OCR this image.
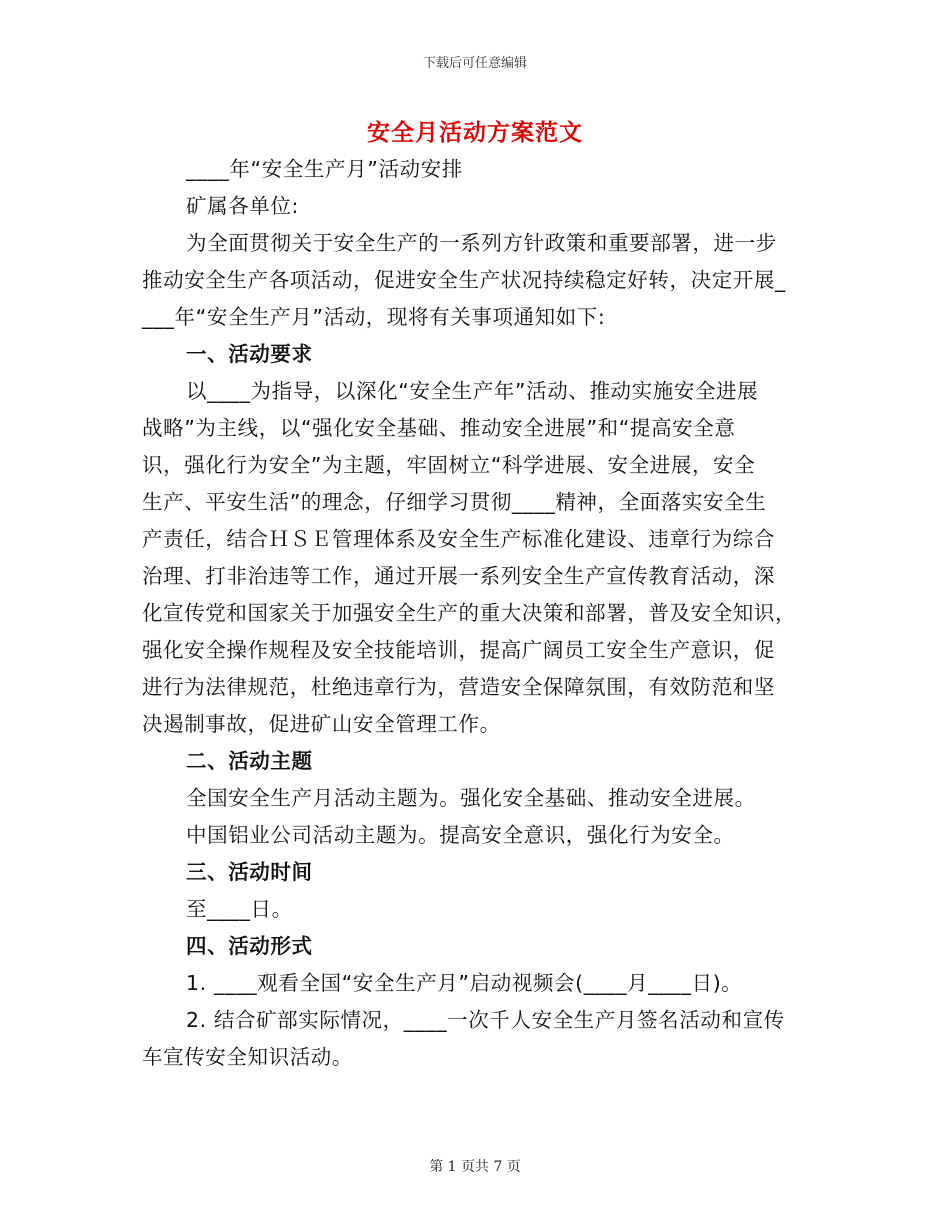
下载后可任意编辑
安全月活动方案范文
____年“安全生产月”活动安排
矿属各单位:
为全面贯彻关于安全生产的一系列方针政策和重要部署，进一步
推动安全生产各项活动，促进安全生产状况持续稳定好转，决定开展_
___年“安全生产月”活动，现将有关事项通知如下:
一、活动要求
以____为指导，以深化“安全生产年”活动、推动实施安全进展
战略”为主线，以“强化安全基础、推动安全进展”和“提高安全意
识，强化行为安全”为主题，牢固树立“科学进展、安全进展，安全
生产、平安生活”的理念，仔细学习贯彻____精神，全面落实安全生
产责任，结合ＨＳＥ管理体系及安全生产标准化建设、违章行为综合
治理、打非治违等工作，通过开展一系列安全生产宣传教育活动，深
化宣传党和国家关于加强安全生产的重大决策和部署，普及安全知识，
强化安全操作规程及安全技能培训，提高广阔员工安全生产意识，促
进行为法律规范，杜绝违章行为，营造安全保障氛围，有效防范和坚
决遏制事故，促进矿山安全管理工作。
二、活动主题
全国安全生产月活动主题为。强化安全基础、推动安全进展。
中国铝业公司活动主题为。提高安全意识，强化行为安全。
三、活动时间
至____日。
四、活动形式
1. ____观看全国“安全生产月”启动视频会(____月____日)。
2. 结合矿部实际情况，____一次千人安全生产月签名活动和宣传
车宣传安全知识活动。
第 1 页共 7 页
